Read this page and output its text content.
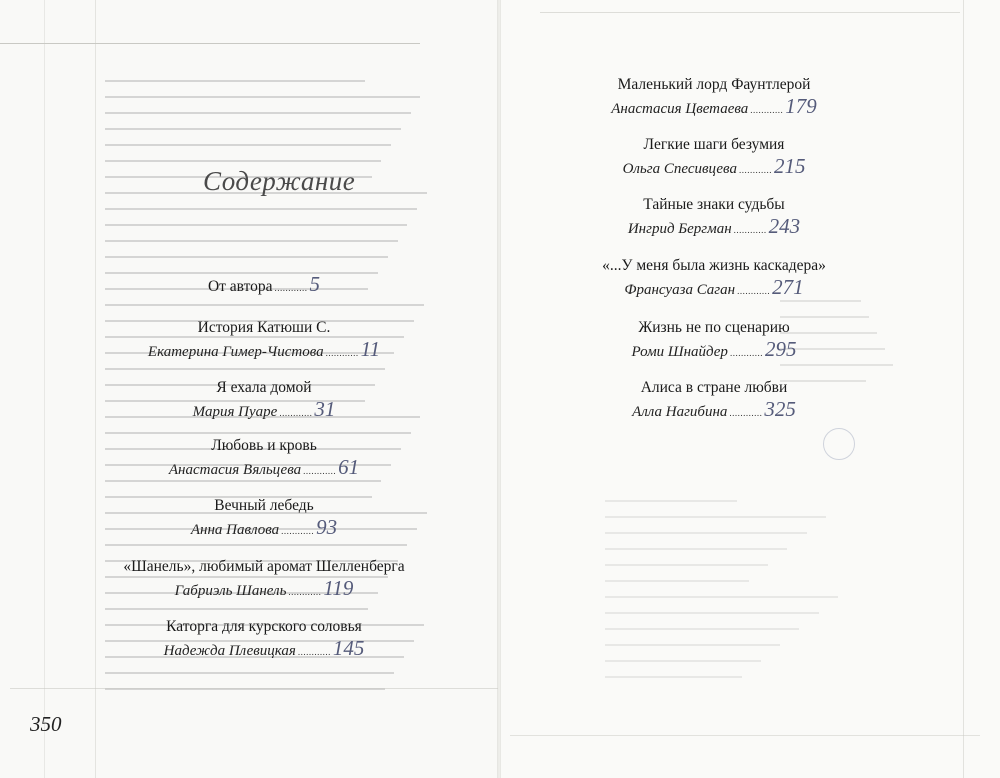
Содержание
От автора ............5
История Катюши С.
Екатерина Гимер-Чистова ............11
Я ехала домой
Мария Пуаре ............31
Любовь и кровь
Анастасия Вяльцева ............61
Вечный лебедь
Анна Павлова ............93
«Шанель», любимый аромат Шелленберга
Габриэль Шанель ............119
Каторга для курского соловья
Надежда Плевицкая ............145
Маленький лорд Фаунтлерой
Анастасия Цветаева ............179
Легкие шаги безумия
Ольга Спесивцева ............215
Тайные знаки судьбы
Ингрид Бергман ............243
«...У меня была жизнь каскадера»
Франсуаза Саган ............271
Жизнь не по сценарию
Роми Шнайдер ............295
Алиса в стране любви
Алла Нагибина ............325
350
